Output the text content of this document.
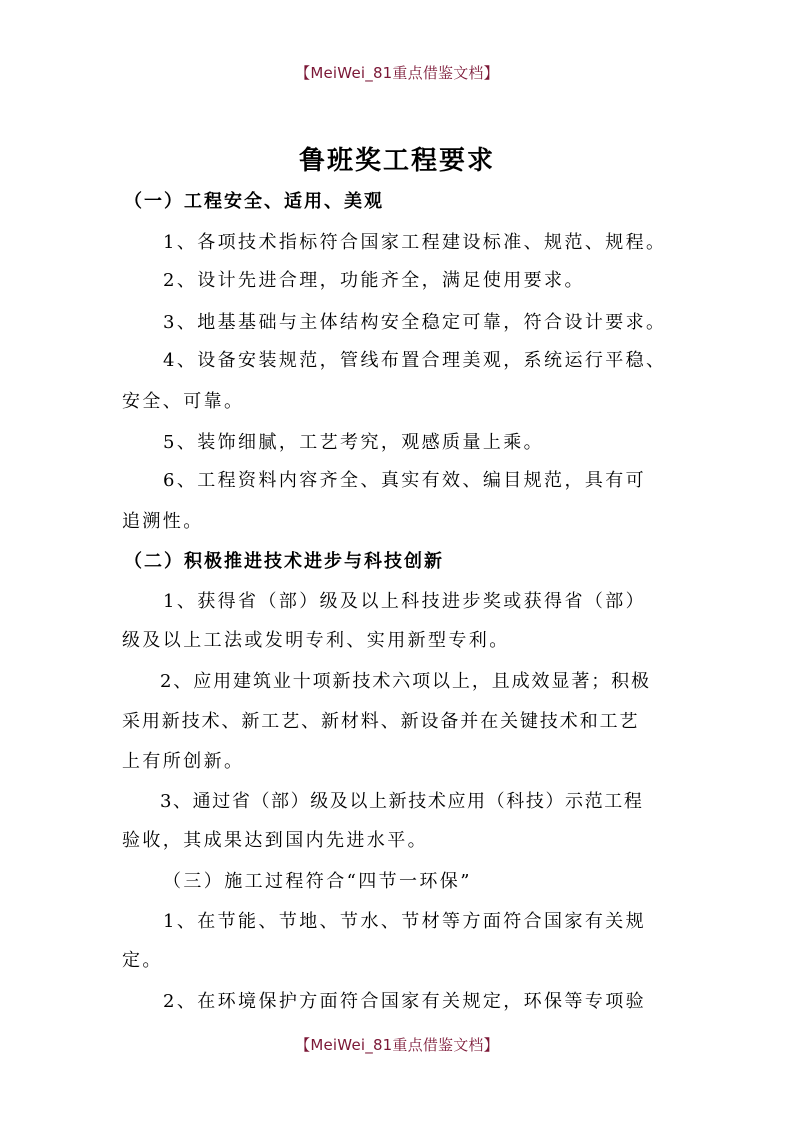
【MeiWei_81重点借鉴文档】
鲁班奖工程要求
（一）工程安全、适用、美观
1、各项技术指标符合国家工程建设标准、规范、规程。
2、设计先进合理，功能齐全，满足使用要求。
3、地基基础与主体结构安全稳定可靠，符合设计要求。
4、设备安装规范，管线布置合理美观，系统运行平稳、
安全、可靠。
5、装饰细腻，工艺考究，观感质量上乘。
6、工程资料内容齐全、真实有效、编目规范，具有可
追溯性。
（二）积极推进技术进步与科技创新
1、获得省（部）级及以上科技进步奖或获得省（部）
级及以上工法或发明专利、实用新型专利。
2、应用建筑业十项新技术六项以上，且成效显著；积极
采用新技术、新工艺、新材料、新设备并在关键技术和工艺
上有所创新。
3、通过省（部）级及以上新技术应用（科技）示范工程
验收，其成果达到国内先进水平。
（三）施工过程符合“四节一环保”
1、在节能、节地、节水、节材等方面符合国家有关规
定。
2、在环境保护方面符合国家有关规定，环保等专项验
【MeiWei_81重点借鉴文档】
